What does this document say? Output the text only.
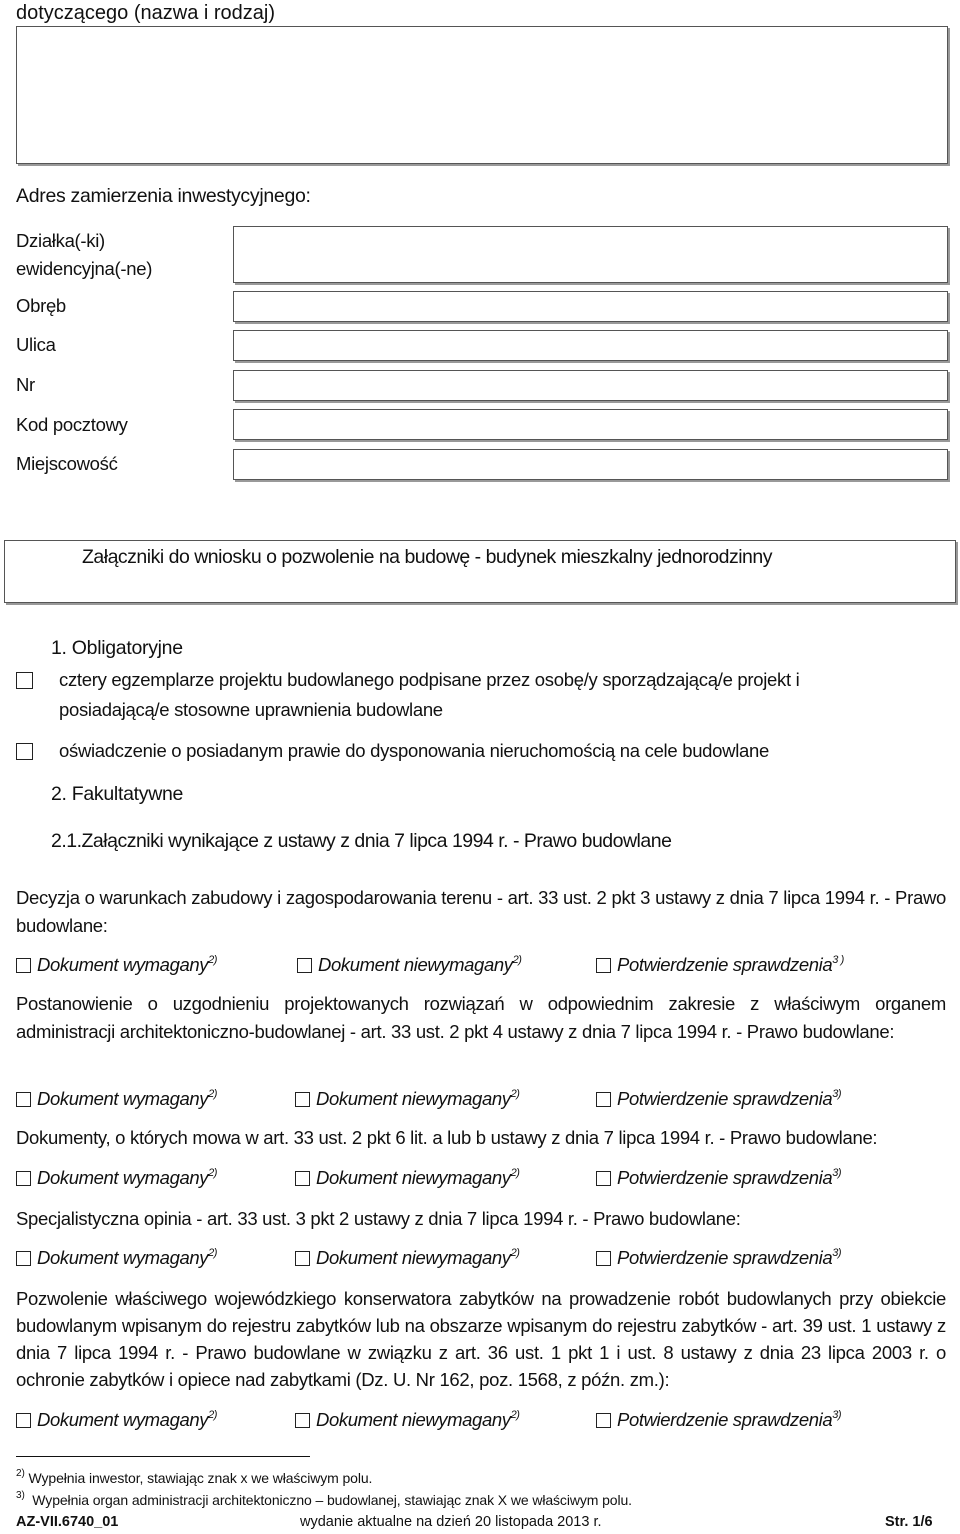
dotyczącego (nazwa i rodzaj)
Adres zamierzenia inwestycyjnego:
Działka(-ki)
ewidencyjna(-ne)
Obręb
Ulica
Nr
Kod pocztowy
Miejscowość
Załączniki do wniosku o pozwolenie na budowę - budynek mieszkalny jednorodzinny
1. Obligatoryjne
cztery egzemplarze projektu budowlanego podpisane przez osobę/y sporządzającą/e projekt i
posiadającą/e stosowne uprawnienia budowlane
oświadczenie o posiadanym prawie do dysponowania nieruchomością na cele budowlane
2. Fakultatywne
2.1.Załączniki wynikające z ustawy z dnia 7 lipca 1994 r. - Prawo budowlane
Decyzja o warunkach zabudowy i zagospodarowania terenu - art. 33 ust. 2 pkt 3 ustawy z dnia 7 lipca 1994 r. - Prawo budowlane:
Dokument wymagany$^{2)}$	Dokument niewymagany$^{2)}$	Potwierdzenie sprawdzenia$^{3 )}$
Postanowienie o uzgodnieniu projektowanych rozwiązań w odpowiednim zakresie z właściwym organem administracji architektoniczno-budowlanej - art. 33 ust. 2 pkt 4 ustawy z dnia 7 lipca 1994 r. - Prawo budowlane:
Dokument wymagany$^{2)}$	Dokument niewymagany$^{2)}$	Potwierdzenie sprawdzenia$^{3)}$
Dokumenty, o których mowa w art. 33 ust. 2 pkt 6 lit. a lub b ustawy z dnia 7 lipca 1994 r. - Prawo budowlane:
Dokument wymagany$^{2)}$	Dokument niewymagany$^{2)}$	Potwierdzenie sprawdzenia$^{3)}$
Specjalistyczna opinia - art. 33 ust. 3 pkt 2 ustawy z dnia 7 lipca 1994 r. - Prawo budowlane:
Dokument wymagany$^{2)}$	Dokument niewymagany$^{2)}$	Potwierdzenie sprawdzenia$^{3)}$
Pozwolenie właściwego wojewódzkiego konserwatora zabytków na prowadzenie robót budowlanych przy obiekcie budowlanym wpisanym do rejestru zabytków lub na obszarze wpisanym do rejestru zabytków - art. 39 ust. 1 ustawy z dnia 7 lipca 1994 r. - Prawo budowlane w związku z art. 36 ust. 1 pkt 1 i ust. 8 ustawy z dnia 23 lipca 2003 r. o ochronie zabytków i opiece nad zabytkami (Dz. U. Nr 162, poz. 1568, z późn. zm.):
Dokument wymagany$^{2)}$	Dokument niewymagany$^{2)}$	Potwierdzenie sprawdzenia$^{3)}$
$^{2)}$ Wypełnia inwestor, stawiając znak x we właściwym polu.
$^{3)}$ Wypełnia organ administracji architektoniczno – budowlanej, stawiając znak X we właściwym polu.
AZ-VII.6740_01	wydanie aktualne na dzień 20 listopada 2013 r.	Str. 1/6
